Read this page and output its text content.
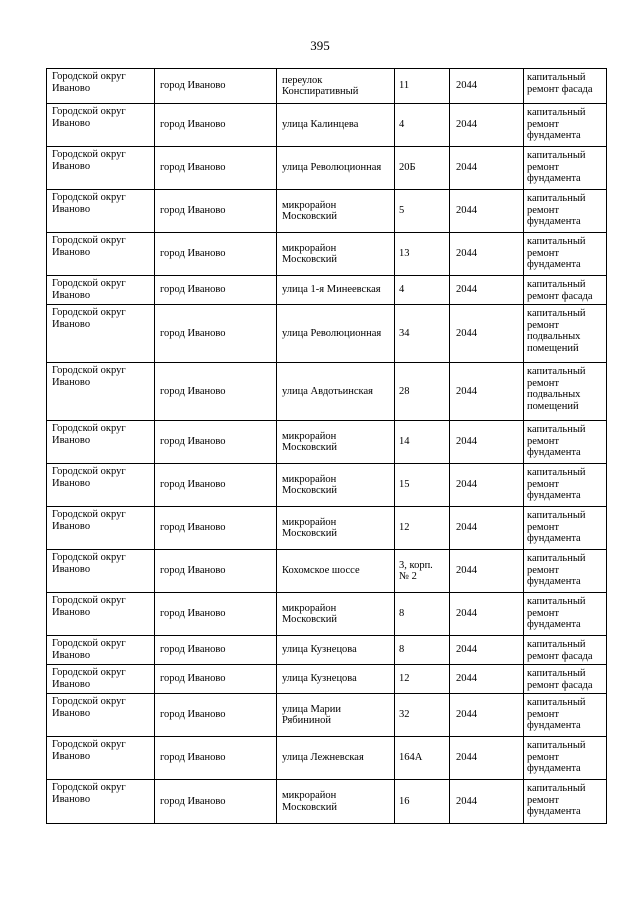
395
Городской округ Иваново	город Иваново	переулок Конспиративный	11	2044	капитальный ремонт фасада
Городской округ Иваново	город Иваново	улица Калинцева	4	2044	капитальный ремонт фундамента
Городской округ Иваново	город Иваново	улица Революционная	20Б	2044	капитальный ремонт фундамента
Городской округ Иваново	город Иваново	микрорайон Московский	5	2044	капитальный ремонт фундамента
Городской округ Иваново	город Иваново	микрорайон Московский	13	2044	капитальный ремонт фундамента
Городской округ Иваново	город Иваново	улица 1-я Минеевская	4	2044	капитальный ремонт фасада
Городской округ Иваново	город Иваново	улица Революционная	34	2044	капитальный ремонт подвальных помещений
Городской округ Иваново	город Иваново	улица Авдотьинская	28	2044	капитальный ремонт подвальных помещений
Городской округ Иваново	город Иваново	микрорайон Московский	14	2044	капитальный ремонт фундамента
Городской округ Иваново	город Иваново	микрорайон Московский	15	2044	капитальный ремонт фундамента
Городской округ Иваново	город Иваново	микрорайон Московский	12	2044	капитальный ремонт фундамента
Городской округ Иваново	город Иваново	Кохомское шоссе	3, корп. № 2	2044	капитальный ремонт фундамента
Городской округ Иваново	город Иваново	микрорайон Московский	8	2044	капитальный ремонт фундамента
Городской округ Иваново	город Иваново	улица Кузнецова	8	2044	капитальный ремонт фасада
Городской округ Иваново	город Иваново	улица Кузнецова	12	2044	капитальный ремонт фасада
Городской округ Иваново	город Иваново	улица Марии Рябининой	32	2044	капитальный ремонт фундамента
Городской округ Иваново	город Иваново	улица Лежневская	164А	2044	капитальный ремонт фундамента
Городской округ Иваново	город Иваново	микрорайон Московский	16	2044	капитальный ремонт фундамента
